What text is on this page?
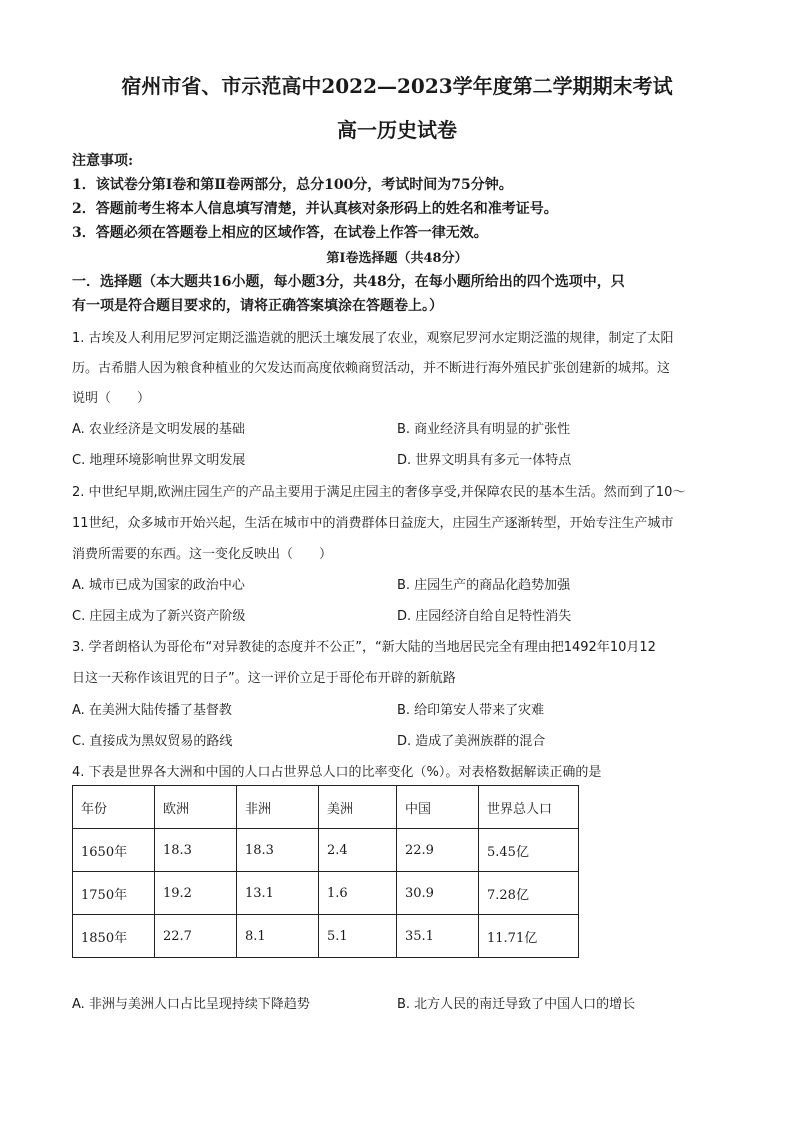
宿州市省、市示范高中2022—2023学年度第二学期期末考试
高一历史试卷
注意事项:
1．该试卷分第Ⅰ卷和第Ⅱ卷两部分，总分100分，考试时间为75分钟。
2．答题前考生将本人信息填写清楚，并认真核对条形码上的姓名和准考证号。
3．答题必须在答题卷上相应的区域作答，在试卷上作答一律无效。
第Ⅰ卷选择题（共48分）
一．选择题（本大题共16小题，每小题3分，共48分，在每小题所给出的四个选项中，只
有一项是符合题目要求的，请将正确答案填涂在答题卷上。）
1. 古埃及人利用尼罗河定期泛滥造就的肥沃土壤发展了农业，观察尼罗河水定期泛滥的规律，制定了太阳
历。古希腊人因为粮食种植业的欠发达而高度依赖商贸活动，并不断进行海外殖民扩张创建新的城邦。这
说明（　　）
A. 农业经济是文明发展的基础	B. 商业经济具有明显的扩张性
C. 地理环境影响世界文明发展	D. 世界文明具有多元一体特点
2. 中世纪早期,欧洲庄园生产的产品主要用于满足庄园主的奢侈享受,并保障农民的基本生活。然而到了10～
11世纪，众多城市开始兴起，生活在城市中的消费群体日益庞大，庄园生产逐渐转型，开始专注生产城市
消费所需要的东西。这一变化反映出（　　）
A. 城市已成为国家的政治中心	B. 庄园生产的商品化趋势加强
C. 庄园主成为了新兴资产阶级	D. 庄园经济自给自足特性消失
3. 学者朗格认为哥伦布“对异教徒的态度并不公正”，“新大陆的当地居民完全有理由把1492年10月12
日这一天称作该诅咒的日子”。这一评价立足于哥伦布开辟的新航路
A. 在美洲大陆传播了基督教	B. 给印第安人带来了灾难
C. 直接成为黑奴贸易的路线	D. 造成了美洲族群的混合
4. 下表是世界各大洲和中国的人口占世界总人口的比率变化（%）。对表格数据解读正确的是
年份	欧洲	非洲	美洲	中国	世界总人口
1650年	18.3	18.3	2.4	22.9	5.45亿
1750年	19.2	13.1	1.6	30.9	7.28亿
1850年	22.7	8.1	5.1	35.1	11.71亿
A. 非洲与美洲人口占比呈现持续下降趋势	B. 北方人民的南迁导致了中国人口的增长
